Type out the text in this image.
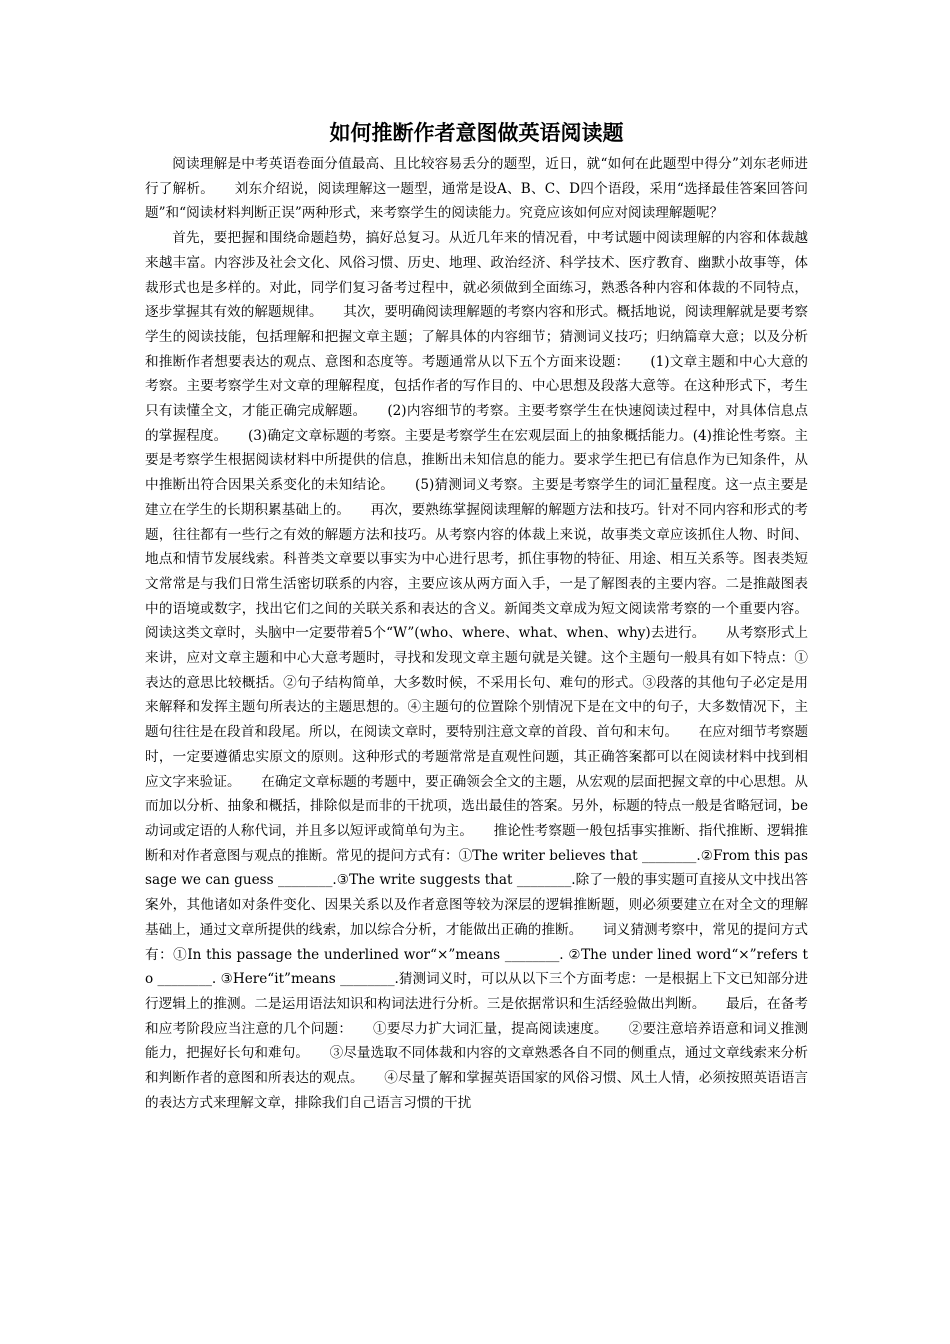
如何推断作者意图做英语阅读题

阅读理解是中考英语卷面分值最高、且比较容易丢分的题型，近日，就“如何在此题型中得分”刘东老师进行了解析。　　刘东介绍说，阅读理解这一题型，通常是设A、B、C、D四个语段，采用“选择最佳答案回答问题”和“阅读材料判断正误”两种形式，来考察学生的阅读能力。究竟应该如何应对阅读理解题呢？

首先，要把握和围绕命题趋势，搞好总复习。从近几年来的情况看，中考试题中阅读理解的内容和体裁越来越丰富。内容涉及社会文化、风俗习惯、历史、地理、政治经济、科学技术、医疗教育、幽默小故事等，体裁形式也是多样的。对此，同学们复习备考过程中，就必须做到全面练习，熟悉各种内容和体裁的不同特点，逐步掌握其有效的解题规律。　　其次，要明确阅读理解题的考察内容和形式。概括地说，阅读理解就是要考察学生的阅读技能，包括理解和把握文章主题；了解具体的内容细节；猜测词义技巧；归纳篇章大意；以及分析和推断作者想要表达的观点、意图和态度等。考题通常从以下五个方面来设题：　　(1)文章主题和中心大意的考察。主要考察学生对文章的理解程度，包括作者的写作目的、中心思想及段落大意等。在这种形式下，考生只有读懂全文，才能正确完成解题。　　(2)内容细节的考察。主要考察学生在快速阅读过程中，对具体信息点的掌握程度。　　(3)确定文章标题的考察。主要是考察学生在宏观层面上的抽象概括能力。(4)推论性考察。主要是考察学生根据阅读材料中所提供的信息，推断出未知信息的能力。要求学生把已有信息作为已知条件，从中推断出符合因果关系变化的未知结论。　　(5)猜测词义考察。主要是考察学生的词汇量程度。这一点主要是建立在学生的长期积累基础上的。　　再次，要熟练掌握阅读理解的解题方法和技巧。针对不同内容和形式的考题，往往都有一些行之有效的解题方法和技巧。从考察内容的体裁上来说，故事类文章应该抓住人物、时间、地点和情节发展线索。科普类文章要以事实为中心进行思考，抓住事物的特征、用途、相互关系等。图表类短文常常是与我们日常生活密切联系的内容，主要应该从两方面入手，一是了解图表的主要内容。二是推敲图表中的语境或数字，找出它们之间的关联关系和表达的含义。新闻类文章成为短文阅读常考察的一个重要内容。阅读这类文章时，头脑中一定要带着5个“W”(who、where、what、when、why)去进行。　　从考察形式上来讲，应对文章主题和中心大意考题时，寻找和发现文章主题句就是关键。这个主题句一般具有如下特点：①表达的意思比较概括。②句子结构简单，大多数时候，不采用长句、难句的形式。③段落的其他句子必定是用来解释和发挥主题句所表达的主题思想的。④主题句的位置除个别情况下是在文中的句子，大多数情况下，主题句往往是在段首和段尾。所以，在阅读文章时，要特别注意文章的首段、首句和末句。　　在应对细节考察题时，一定要遵循忠实原文的原则。这种形式的考题常常是直观性问题，其正确答案都可以在阅读材料中找到相应文字来验证。　　在确定文章标题的考题中，要正确领会全文的主题，从宏观的层面把握文章的中心思想。从而加以分析、抽象和概括，排除似是而非的干扰项，选出最佳的答案。另外，标题的特点一般是省略冠词，be动词或定语的人称代词，并且多以短评或简单句为主。　　推论性考察题一般包括事实推断、指代推断、逻辑推断和对作者意图与观点的推断。常见的提问方式有：①The writer believes that ________.②From this passage we can guess ________.③The write suggests that ________.除了一般的事实题可直接从文中找出答案外，其他诸如对条件变化、因果关系以及作者意图等较为深层的逻辑推断题，则必须要建立在对全文的理解基础上，通过文章所提供的线索，加以综合分析，才能做出正确的推断。　　词义猜测考察中，常见的提问方式有：①In this passage the underlined wor“×”means ________. ②The under lined word“×”refers to ________. ③Here“it”means ________.猜测词义时，可以从以下三个方面考虑：一是根据上下文已知部分进行逻辑上的推测。二是运用语法知识和构词法进行分析。三是依据常识和生活经验做出判断。　　最后，在备考和应考阶段应当注意的几个问题：　　①要尽力扩大词汇量，提高阅读速度。　　②要注意培养语意和词义推测能力，把握好长句和难句。　　③尽量选取不同体裁和内容的文章熟悉各自不同的侧重点，通过文章线索来分析和判断作者的意图和所表达的观点。　　④尽量了解和掌握英语国家的风俗习惯、风土人情，必须按照英语语言的表达方式来理解文章，排除我们自己语言习惯的干扰
